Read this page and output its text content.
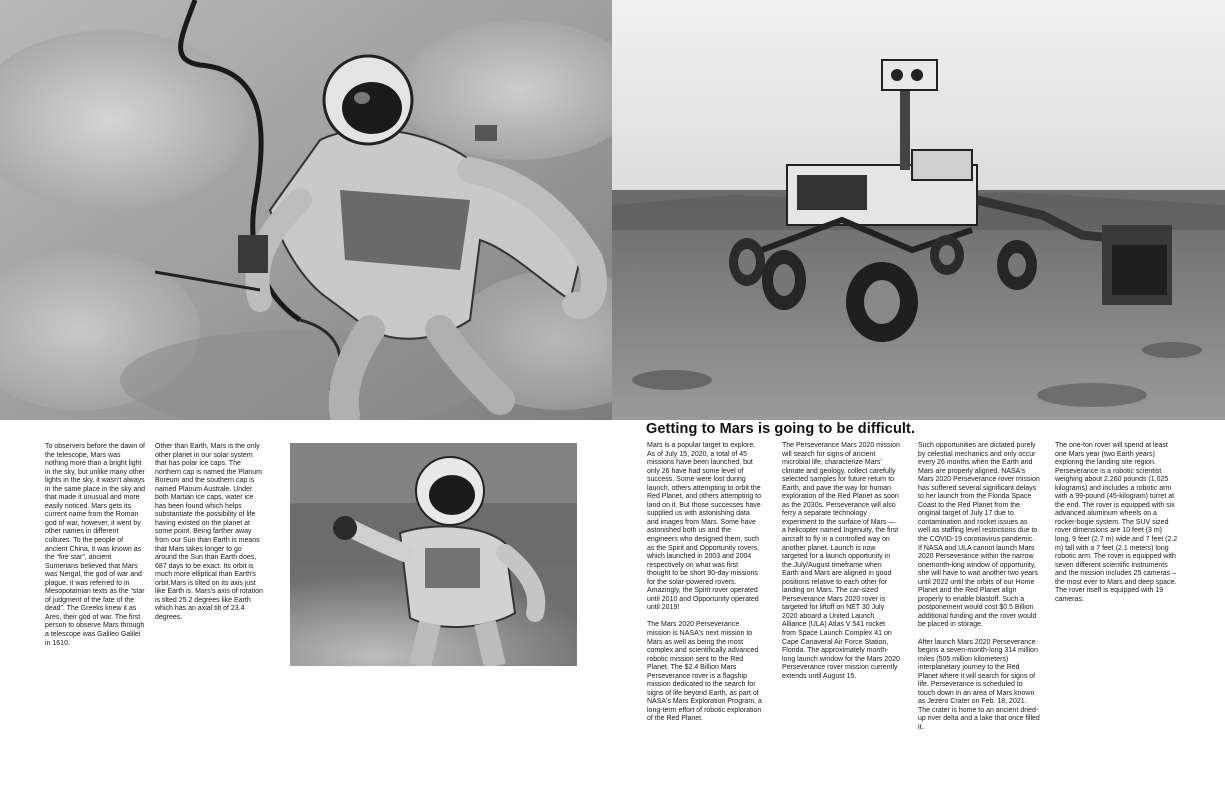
To observers before the dawn of the telescope, Mars was nothing more than a bright light in the sky, but unlike many other lights in the sky, it wasn't always in the same place in the sky and that made it unusual and more easily noticed. Mars gets its current name from the Roman god of war, however, it went by other names in different cultures. To the people of ancient China, it was known as the “fire star”, ancient Sumerians believed that Mars was Nergal, the god of war and plague, it was referred to in Mesopotamian texts as the “star of judgment of the fate of the dead”. The Greeks knew it as Ares, their god of war. The first person to observe Mars through a telescope was Galileo Galilei in 1610.

Other than Earth, Mars is the only other planet in our solar system that has polar ice caps. The northern cap is named the Planum Boreum and the southern cap is named Planum Australe. Under both Martian ice caps, water ice has been found which helps substantiate the possibility of life having existed on the planet at some point. Being farther away from our Sun than Earth is means that Mars takes longer to go around the Sun than Earth does, 687 days to be exact. Its orbit is much more elliptical than Earth's orbit.Mars is tilted on its axis just like Earth is. Mars's axis of rotation is tilted 25.2 degrees like Earth which has an axial tilt of 23.4 degrees.

Getting to Mars is going to be difficult.

Mars is a popular target to explore. As of July 15, 2020, a total of 45 missions have been launched, but only 26 have had some level of success. Some were lost during launch, others attempting to orbit the Red Planet, and others attempting to land on it. But those successes have supplied us with astonishing data and images from Mars. Some have astonished both us and the engineers who designed them, such as the Spirit and Opportunity rovers, which launched in 2003 and 2004 respectively on what was first thought to be short 90-day missions for the solar-powered rovers. Amazingly, the Spirit rover operated until 2010 and Opportunity operated until 2019!

The Mars 2020 Perseverance mission is NASA's next mission to Mars as well as being the most complex and scientifically advanced robotic mission sent to the Red Planet. The $2.4 Billion Mars Perseverance rover is a flagship mission dedicated to the search for signs of life beyond Earth, as part of NASA's Mars Exploration Program, a long-term effort of robotic exploration of the Red Planet.

The Perseverance Mars 2020 mission will search for signs of ancient microbial life, characterize Mars' climate and geology, collect carefully selected samples for future return to Earth, and pave the way for human exploration of the Red Planet as soon as the 2030s. Perseverance will also ferry a separate technology experiment to the surface of Mars — a helicopter named Ingenuity, the first aircraft to fly in a controlled way on another planet. Launch is now targeted for a launch opportunity in the July/August timeframe when Earth and Mars are aligned in good positions relative to each other for landing on Mars. The car-sized Perseverance Mars 2020 rover is targeted for liftoff on NET 30 July 2020 aboard a United Launch Alliance (ULA) Atlas V 541 rocket from Space Launch Complex 41 on Cape Canaveral Air Force Station, Florida. The approximately month-long launch window for the Mars 2020 Perseverance rover mission currently extends until August 15.

Such opportunities are dictated purely by celestial mechanics and only occur every 26 months when the Earth and Mars are properly aligned. NASA's Mars 2020 Perseverance rover mission has suffered several significant delays to her launch from the Florida Space Coast to the Red Planet from the original target of July 17 due to contamination and rocket issues as well as staffing level restrictions due to the COVID-19 coronavirus pandemic. If NASA and ULA cannot launch Mars 2020 Perseverance within the narrow onemonth-long window of opportunity, she will have to wait another two years until 2022 until the orbits of our Home Planet and the Red Planet align properly to enable blastoff. Such a postponement would cost $0.5 Billion additional funding and the rover would be placed in storage.

After launch Mars 2020 Perseverance begins a seven-month-long 314 million miles (505 million kilometers) interplanetary journey to the Red Planet where it will search for signs of life. Perseverance is scheduled to touch down in an area of Mars known as Jezero Crater on Feb. 18, 2021. The crater is home to an ancient dried-up river delta and a lake that once filled it.

The one-ton rover will spend at least one Mars year (two Earth years) exploring the landing site region. Perseverance is a robotic scientist weighing about 2,260 pounds (1,025 kilograms) and includes a robotic arm with a 99-pound (45-kilogram) turret at the end. The rover is equipped with six advanced aluminum wheels on a rocker-bogie system. The SUV sized rover dimensions are 10 feet (3 m) long, 9 feet (2.7 m) wide and 7 feet (2.2 m) tall with a 7 feet (2.1 meters) long robotic arm. The rover is equipped with seven different scientific instruments and the mission includes 25 cameras – the most ever to Mars and deep space. The rover itself is equipped with 19 cameras.
